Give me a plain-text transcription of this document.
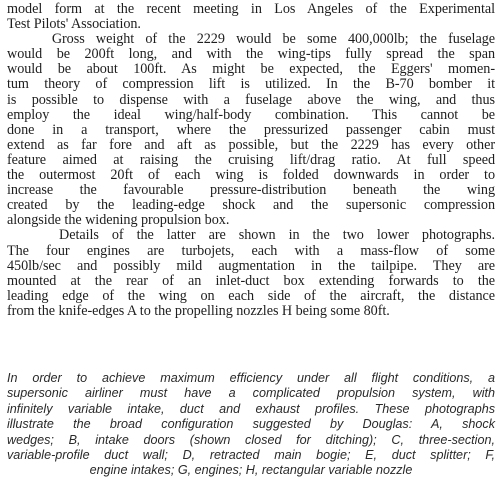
model form at the recent meeting in Los Angeles of the Experimental
Test Pilots' Association.
Gross weight of the 2229 would be some 400,000lb; the fuselage
would be 200ft long, and with the wing-tips fully spread the span
would be about 100ft. As might be expected, the Eggers' momen-
tum theory of compression lift is utilized. In the B-70 bomber it
is possible to dispense with a fuselage above the wing, and thus
employ the ideal wing/half-body combination. This cannot be
done in a transport, where the pressurized passenger cabin must
extend as far fore and aft as possible, but the 2229 has every other
feature aimed at raising the cruising lift/drag ratio. At full speed
the outermost 20ft of each wing is folded downwards in order to
increase the favourable pressure-distribution beneath the wing
created by the leading-edge shock and the supersonic compression
alongside the widening propulsion box.
Details of the latter are shown in the two lower photographs.
The four engines are turbojets, each with a mass-flow of some
450lb/sec and possibly mild augmentation in the tailpipe. They are
mounted at the rear of an inlet-duct box extending forwards to the
leading edge of the wing on each side of the aircraft, the distance
from the knife-edges A to the propelling nozzles H being some 80ft.
In order to achieve maximum efficiency under all flight conditions, a
supersonic airliner must have a complicated propulsion system, with
infinitely variable intake, duct and exhaust profiles. These photographs
illustrate the broad configuration suggested by Douglas: A, shock
wedges; B, intake doors (shown closed for ditching); C, three-section,
variable-profile duct wall; D, retracted main bogie; E, duct splitter; F,
engine intakes; G, engines; H, rectangular variable nozzle
